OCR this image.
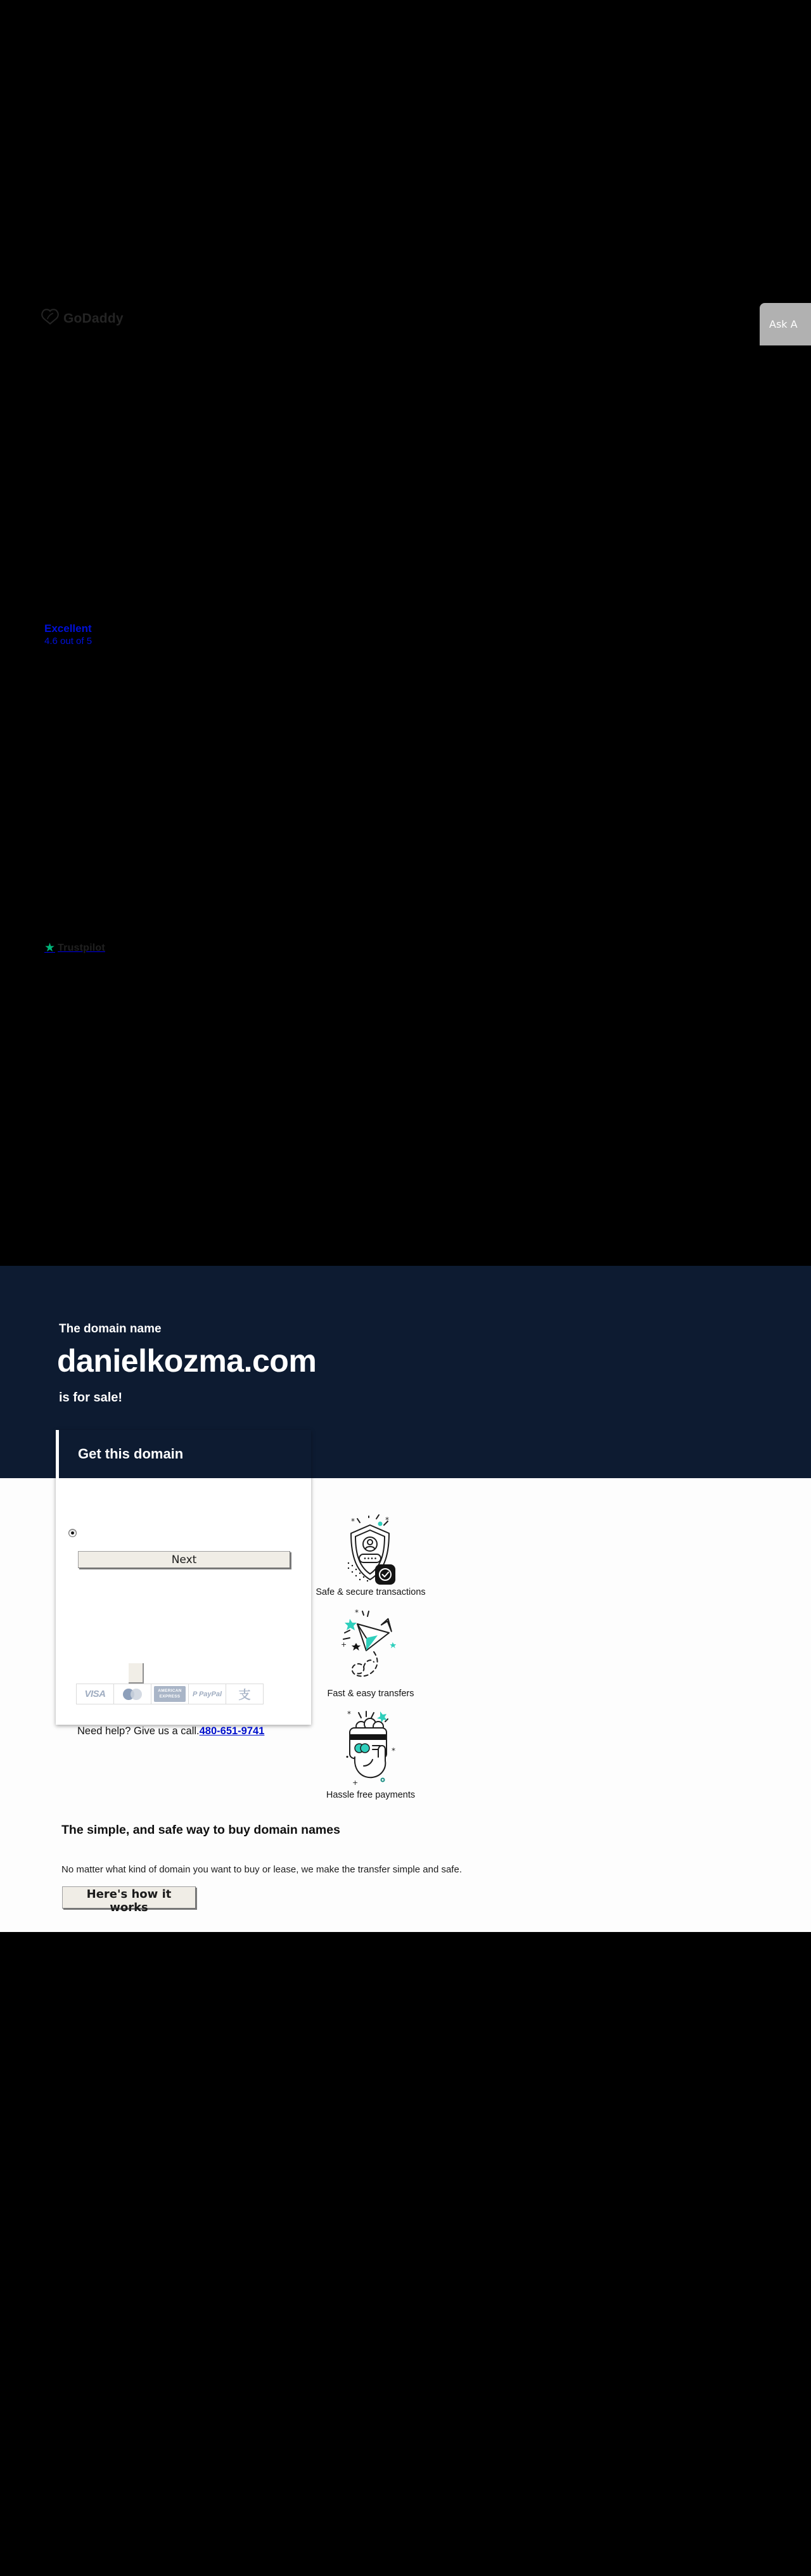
GoDaddy	Ask A
Excellent
4.6 out of 5
★ Trustpilot
The domain name
danielkozma.com
is for sale!
Get this domain
Next
VISA	AMERICAN
EXPRESS	P PayPal 支
Need help? Give us a call.480-651-9741
*	*
Safe & secure transactions
*
+
Fast & easy transfers
*
*
+
Hassle free payments
The simple, and safe way to buy domain names
No matter what kind of domain you want to buy or lease, we make the transfer simple and safe.
Here's how it works
